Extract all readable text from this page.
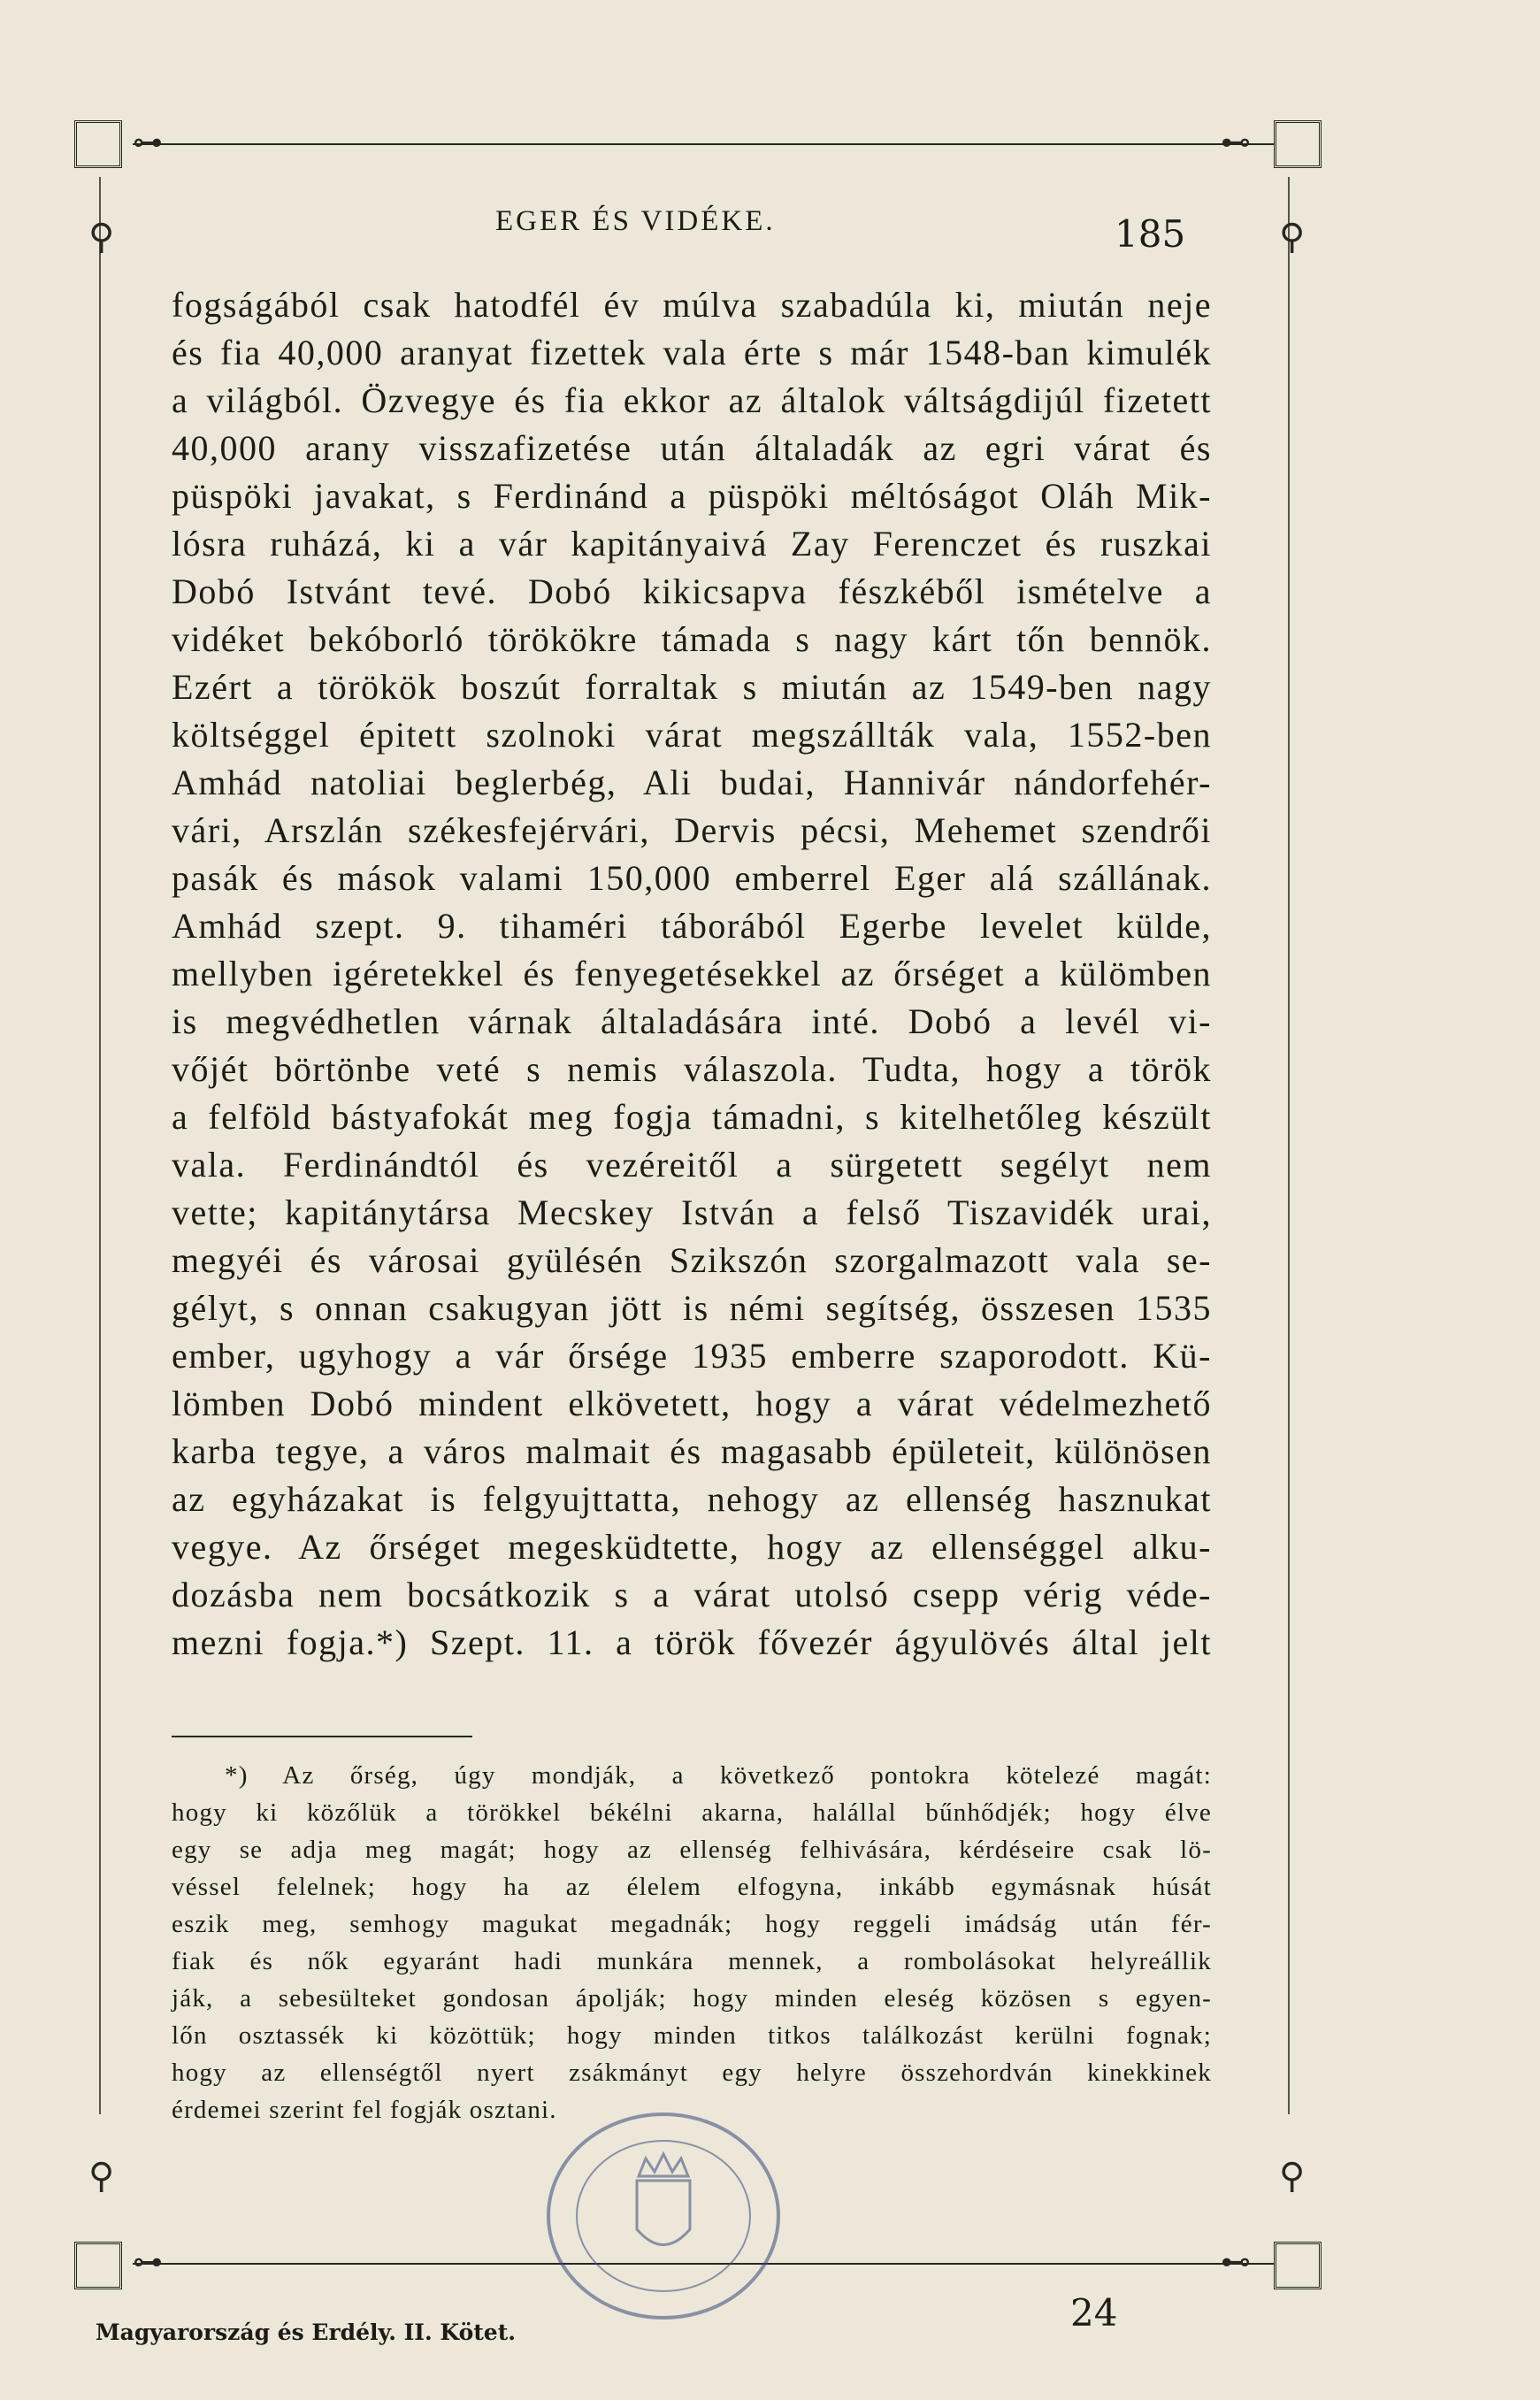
⊶	⊷
⊶	⊷
⚲	⚲
⚲	⚲
EGER ÉS VIDÉKE.	185
fogságából csak hatodfél év múlva szabadúla ki, miután neje
és fia 40,000 aranyat fizettek vala érte s már 1548-ban kimulék
a világból. Özvegye és fia ekkor az általok váltságdijúl fizetett
40,000 arany visszafizetése után általadák az egri várat és
püspöki javakat, s Ferdinánd a püspöki méltóságot Oláh Mik-
lósra ruházá, ki a vár kapitányaivá Zay Ferenczet és ruszkai
Dobó Istvánt tevé. Dobó kikicsapva fészkéből ismételve a
vidéket bekóborló törökökre támada s nagy kárt tőn bennök.
Ezért a törökök boszút forraltak s miután az 1549-ben nagy
költséggel épitett szolnoki várat megszállták vala, 1552-ben
Amhád natoliai beglerbég, Ali budai, Hannivár nándorfehér-
vári, Arszlán székesfejérvári, Dervis pécsi, Mehemet szendrői
pasák és mások valami 150,000 emberrel Eger alá szállának.
Amhád szept. 9. tihaméri táborából Egerbe levelet külde,
mellyben igéretekkel és fenyegetésekkel az őrséget a külömben
is megvédhetlen várnak általadására inté. Dobó a levél vi-
vőjét börtönbe veté s nemis válaszola. Tudta, hogy a török
a felföld bástyafokát meg fogja támadni, s kitelhetőleg készült
vala. Ferdinándtól és vezéreitől a sürgetett segélyt nem
vette; kapitánytársa Mecskey István a felső Tiszavidék urai,
megyéi és városai gyülésén Szikszón szorgalmazott vala se-
gélyt, s onnan csakugyan jött is némi segítség, összesen 1535
ember, ugyhogy a vár őrsége 1935 emberre szaporodott. Kü-
lömben Dobó mindent elkövetett, hogy a várat védelmezhető
karba tegye, a város malmait és magasabb épületeit, különösen
az egyházakat is felgyujttatta, nehogy az ellenség hasznukat
vegye. Az őrséget megesküdtette, hogy az ellenséggel alku-
dozásba nem bocsátkozik s a várat utolsó csepp vérig véde-
mezni fogja.*) Szept. 11. a török fővezér ágyulövés által jelt
*) Az őrség, úgy mondják, a következő pontokra kötelezé magát:
hogy ki közőlük a törökkel békélni akarna, halállal bűnhődjék; hogy élve
egy se adja meg magát; hogy az ellenség felhivására, kérdéseire csak lö-
véssel felelnek; hogy ha az élelem elfogyna, inkább egymásnak húsát
eszik meg, semhogy magukat megadnák; hogy reggeli imádság után fér-
fiak és nők egyaránt hadi munkára mennek, a rombolásokat helyreállik
ják, a sebesülteket gondosan ápolják; hogy minden eleség közösen s egyen-
lőn osztassék ki közöttük; hogy minden titkos találkozást kerülni fognak;
hogy az ellenségtől nyert zsákmányt egy helyre összehordván kinekkinek
érdemei szerint fel fogják osztani.
Magyarország és Erdély. II. Kötet.	24
